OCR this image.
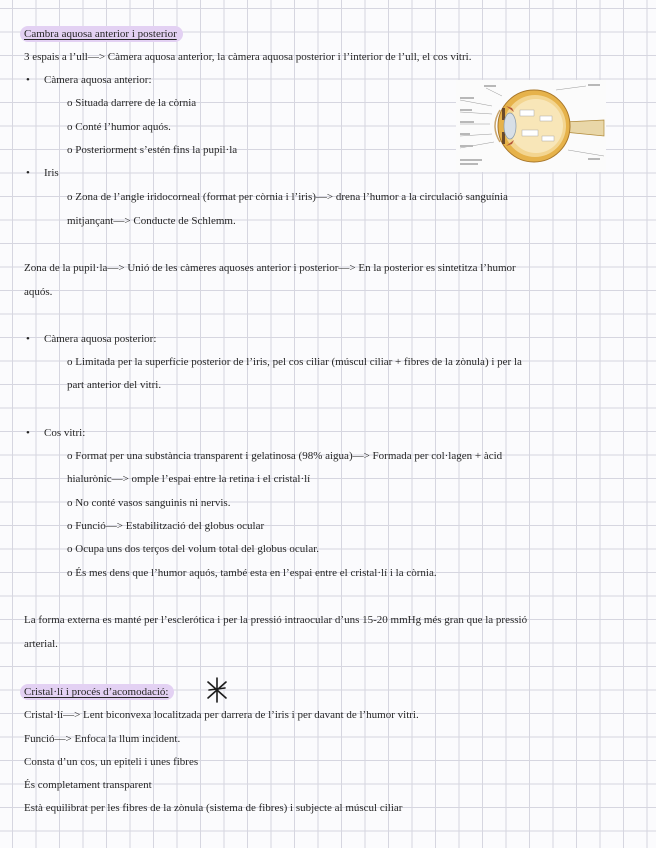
Cambra aquosa anterior i posterior
3 espais a l’ull—> Càmera aquosa anterior, la càmera aquosa posterior i l’interior de l’ull, el cos vitri.
• Càmera aquosa anterior:
o Situada darrere de la còrnia
o Conté l’humor aquós.
o Posteriorment s’estén fins la pupil·la
• Iris
o Zona de l’angle iridocorneal (format per còrnia i l’iris)—> drena l’humor a la circulació sanguínia
mitjançant—> Conducte de Schlemm.
Zona de la pupil·la—> Unió de les càmeres aquoses anterior i posterior—> En la posterior es sintetitza l’humor
aquós.
• Càmera aquosa posterior:
o Limitada per la superfície posterior de l’iris, pel cos ciliar (múscul ciliar + fibres de la zònula) i per la
part anterior del vitri.
• Cos vitri:
o Format per una substància transparent i gelatinosa (98% aigua)—> Formada per col·lagen + àcid
hialurònic—> omple l’espai entre la retina i el cristal·lí
o No conté vasos sanguinis ni nervis.
o Funció—> Estabilització del globus ocular
o Ocupa uns dos terços del volum total del globus ocular.
o És mes dens que l’humor aquós, també esta en l’espai entre el cristal·lí i la còrnia.
La forma externa es manté per l’esclerótica i per la pressió intraocular d’uns 15-20 mmHg més gran que la pressió
arterial.
Cristal·lí i procés d’acomodació:
Cristal·lí—> Lent biconvexa localitzada per darrera de l’iris i per davant de l’humor vitri.
Funció—> Enfoca la llum incident.
Consta d’un cos, un epiteli i unes fibres
És completament transparent
Està equilibrat per les fibres de la zònula (sistema de fibres) i subjecte al múscul ciliar
